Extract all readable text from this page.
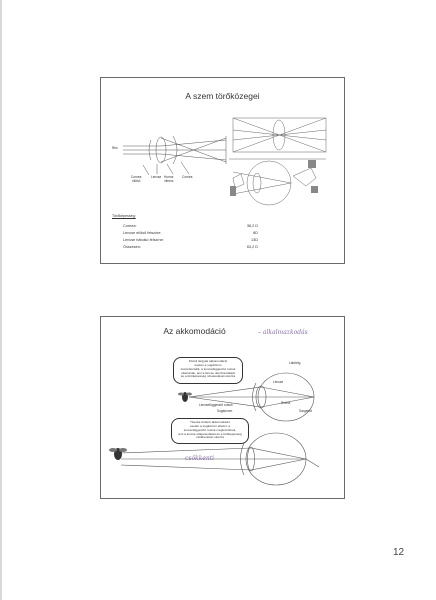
A szem törőközegei
Rés
Cornea
elülső
Lencse Humor
vitreus
Cornea
Törőképesség:
Cornea:	38,2 D
Lencse elülső felszíne:	8D
Lencse hátulsó felszíne:	13D
Összesen:	63,2 D
Az akkomodáció	– alkalmazkodás
Közeli tárgyak akkomodáció
esetén a sugárizom
összehúzódik, a lencsefüggesztő rostok
ellazulnak, ami a lencse domborodását
és a törőképesség növekedését okozza
Távolra történő akkomodáció
esetén a sugárizom ellazul, a
lencsefüggesztő rostok megfeszülnek,
ami a lencse ellaposodását és a törőképesség
csökkenését okozza
Látótéig
Lencse
Retina
Lencsefüggesztő rostok
Sugárizom	Sargehöt
csökkenti
12
